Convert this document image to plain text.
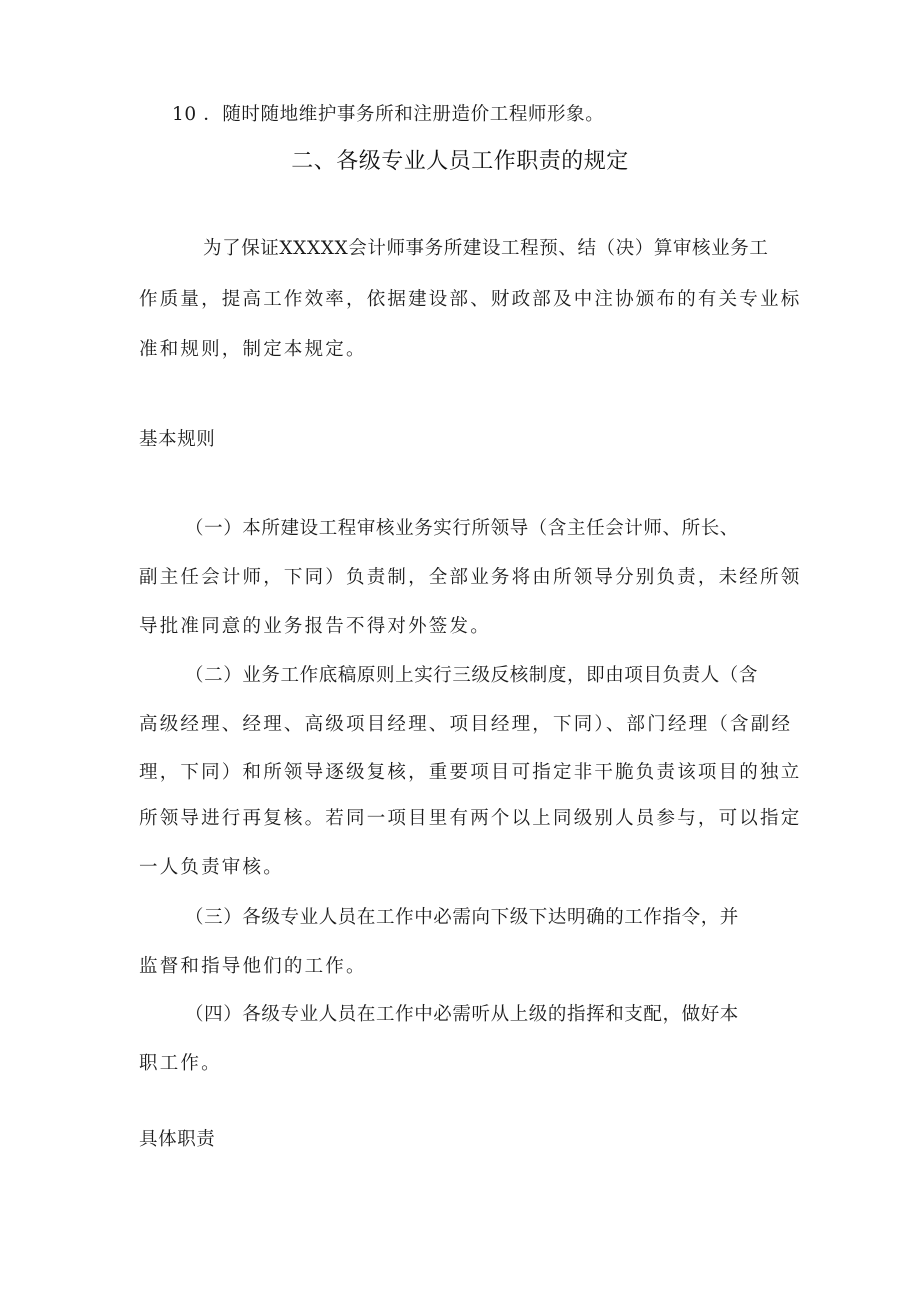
10 ．随时随地维护事务所和注册造价工程师形象。
二、各级专业人员工作职责的规定
为了保证XXXXX会计师事务所建设工程预、结（决）算审核业务工
作质量，提高工作效率，依据建设部、财政部及中注协颁布的有关专业标
准和规则，制定本规定。
基本规则
（一）本所建设工程审核业务实行所领导（含主任会计师、所长、
副主任会计师，下同）负责制，全部业务将由所领导分别负责，未经所领
导批准同意的业务报告不得对外签发。
（二）业务工作底稿原则上实行三级反核制度，即由项目负责人（含
高级经理、经理、高级项目经理、项目经理，下同）、部门经理（含副经
理，下同）和所领导逐级复核，重要项目可指定非干脆负责该项目的独立
所领导进行再复核。若同一项目里有两个以上同级别人员参与，可以指定
一人负责审核。
（三）各级专业人员在工作中必需向下级下达明确的工作指令，并
监督和指导他们的工作。
（四）各级专业人员在工作中必需听从上级的指挥和支配，做好本
职工作。
具体职责
